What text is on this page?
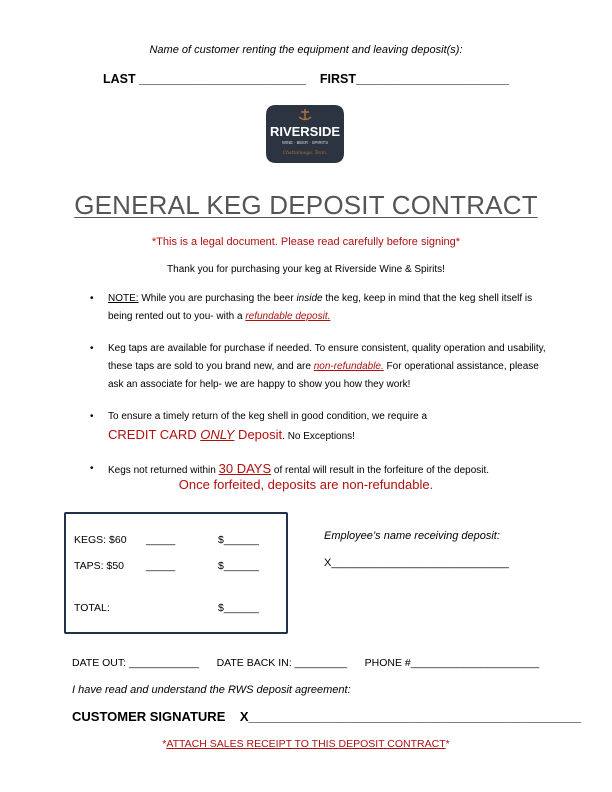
Name of customer renting the equipment and leaving deposit(s):
LAST ________________________ FIRST______________________
RIVERSIDE
WINE · BEER · SPIRITS
Chattanooga, Tenn.
GENERAL KEG DEPOSIT CONTRACT
*This is a legal document. Please read carefully before signing*
Thank you for purchasing your keg at Riverside Wine & Spirits!
• NOTE: While you are purchasing the beer inside the keg, keep in mind that the keg shell itself is being rented out to you- with a refundable deposit.
• Keg taps are available for purchase if needed. To ensure consistent, quality operation and usability, these taps are sold to you brand new, and are non-refundable. For operational assistance, please ask an associate for help- we are happy to show you how they work!
• To ensure a timely return of the keg shell in good condition, we require a
CREDIT CARD ONLY Deposit. No Exceptions!
• Kegs not returned within 30 DAYS of rental will result in the forfeiture of the deposit.
Once forfeited, deposits are non-refundable.
KEGS: $60 _____	$______
TAPS: $50 _____	$______
TOTAL:	$______
Employee’s name receiving deposit:
X_____________________________
DATE OUT: ____________ DATE BACK IN: _________ PHONE #______________________
I have read and understand the RWS deposit agreement:
CUSTOMER SIGNATURE X______________________________________________
*ATTACH SALES RECEIPT TO THIS DEPOSIT CONTRACT*
